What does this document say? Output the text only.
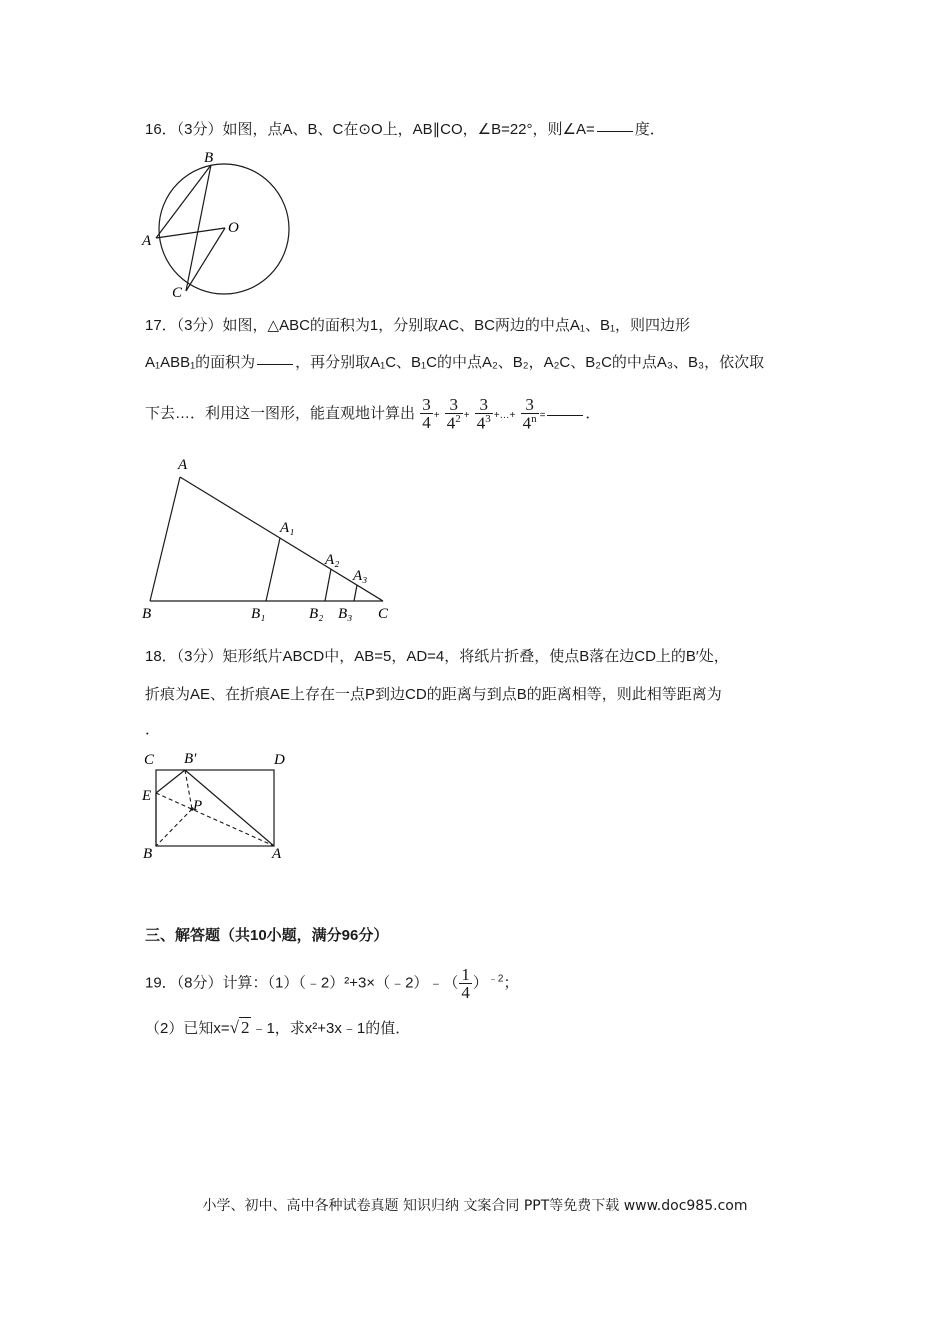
16．（3分）如图，点A、B、C在⊙O上，AB∥CO，∠B=22°，则∠A=	度．
B
O
A
C
17．（3分）如图，△ABC的面积为1，分别取AC、BC两边的中点A₁、B₁，则四边形
A₁ABB₁的面积为	，再分别取A₁C、B₁C的中点A₂、B₂，A₂C、B₂C的中点A₃、B₃，依次取
下去…．利用这一图形，能直观地计算出 $\frac{3}{4} + \frac{3}{4^2} + \frac{3}{4^3}$ +…+ $\frac{3}{4^n}$ =	．
A
A₁
A₂
A₃
B	B₁	B₂ B₃ C
18．（3分）矩形纸片ABCD中，AB=5，AD=4，将纸片折叠，使点B落在边CD上的B′处，
折痕为AE、在折痕AE上存在一点P到边CD的距离与到点B的距离相等，则此相等距离为
．
C B′	D
E
P
B	A
三、解答题（共10小题，满分96分）
19．（8分）计算：（1）（﹣2）²+3×（﹣2）﹣（ $\frac{1}{4} )^{﹣2}$；
（2）已知x=√ 2 ﹣1，求x²+3x﹣1的值．
小学、初中、高中各种试卷真题 知识归纳 文案合同 PPT等免费下载 www.doc985.com
